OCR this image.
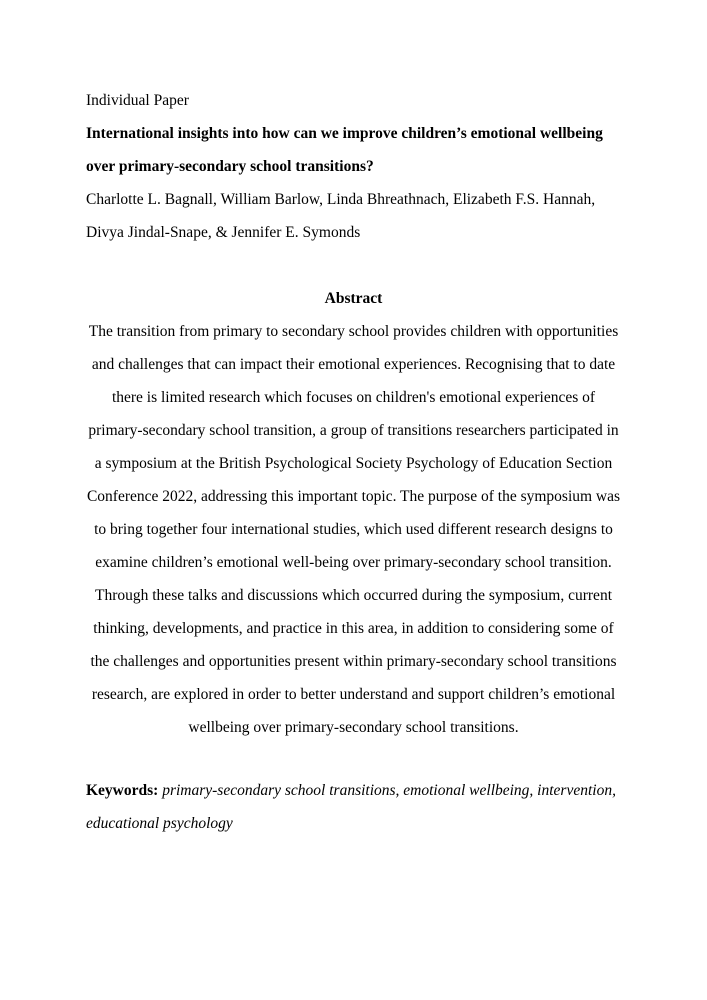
Individual Paper

International insights into how can we improve children’s emotional wellbeing over primary-secondary school transitions?

Charlotte L. Bagnall, William Barlow, Linda Bhreathnach, Elizabeth F.S. Hannah, Divya Jindal-Snape, & Jennifer E. Symonds

Abstract

The transition from primary to secondary school provides children with opportunities and challenges that can impact their emotional experiences. Recognising that to date there is limited research which focuses on children's emotional experiences of primary-secondary school transition, a group of transitions researchers participated in a symposium at the British Psychological Society Psychology of Education Section Conference 2022, addressing this important topic. The purpose of the symposium was to bring together four international studies, which used different research designs to examine children’s emotional well-being over primary-secondary school transition. Through these talks and discussions which occurred during the symposium, current thinking, developments, and practice in this area, in addition to considering some of the challenges and opportunities present within primary-secondary school transitions research, are explored in order to better understand and support children’s emotional wellbeing over primary-secondary school transitions.

Keywords: primary-secondary school transitions, emotional wellbeing, intervention, educational psychology
